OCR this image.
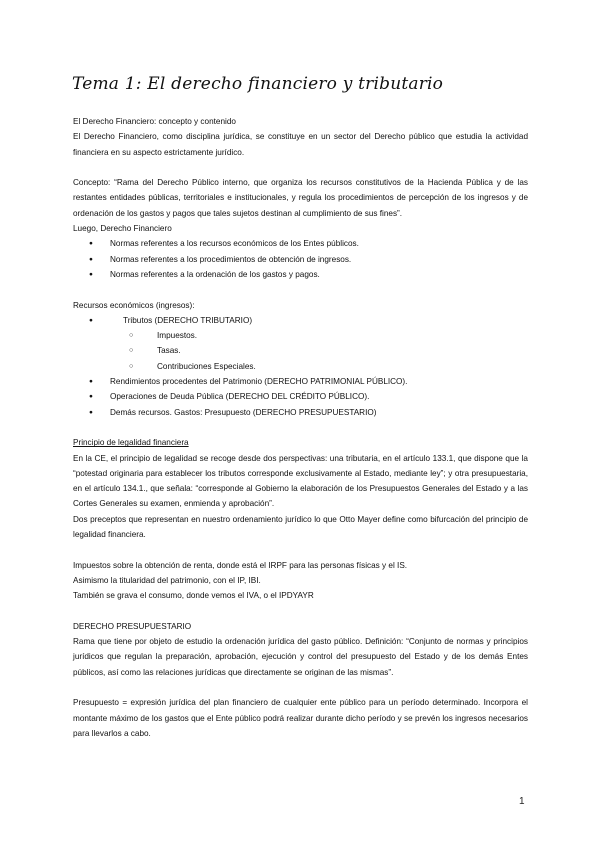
Tema 1: El derecho financiero y tributario

El Derecho Financiero: concepto y contenido

El Derecho Financiero, como disciplina jurídica, se constituye en un sector del Derecho público que estudia la actividad financiera en su aspecto estrictamente jurídico.

Concepto: “Rama del Derecho Público interno, que organiza los recursos constitutivos de la Hacienda Pública y de las restantes entidades públicas, territoriales e institucionales, y regula los procedimientos de percepción de los ingresos y de ordenación de los gastos y pagos que tales sujetos destinan al cumplimiento de sus fines”.

Luego, Derecho Financiero

● Normas referentes a los recursos económicos de los Entes públicos.
● Normas referentes a los procedimientos de obtención de ingresos.
● Normas referentes a la ordenación de los gastos y pagos.

Recursos económicos (ingresos):

● Tributos (DERECHO TRIBUTARIO)
○ Impuestos.
○ Tasas.
○ Contribuciones Especiales.
● Rendimientos procedentes del Patrimonio (DERECHO PATRIMONIAL PÚBLICO).
● Operaciones de Deuda Pública (DERECHO DEL CRÉDITO PÚBLICO).
● Demás recursos. Gastos: Presupuesto (DERECHO PRESUPUESTARIO)

Principio de legalidad financiera

En la CE, el principio de legalidad se recoge desde dos perspectivas: una tributaria, en el artículo 133.1, que dispone que la “potestad originaria para establecer los tributos corresponde exclusivamente al Estado, mediante ley”; y otra presupuestaria, en el artículo 134.1., que señala: “corresponde al Gobierno la elaboración de los Presupuestos Generales del Estado y a las Cortes Generales su examen, enmienda y aprobación”.

Dos preceptos que representan en nuestro ordenamiento jurídico lo que Otto Mayer define como bifurcación del principio de legalidad financiera.

Impuestos sobre la obtención de renta, donde está el IRPF para las personas físicas y el IS.

Asimismo la titularidad del patrimonio, con el IP, IBI.

También se grava el consumo, donde vemos el IVA, o el IPDYAYR

DERECHO PRESUPUESTARIO

Rama que tiene por objeto de estudio la ordenación jurídica del gasto público. Definición: “Conjunto de normas y principios jurídicos que regulan la preparación, aprobación, ejecución y control del presupuesto del Estado y de los demás Entes públicos, así como las relaciones jurídicas que directamente se originan de las mismas”.

Presupuesto = expresión jurídica del plan financiero de cualquier ente público para un período determinado. Incorpora el montante máximo de los gastos que el Ente público podrá realizar durante dicho período y se prevén los ingresos necesarios para llevarlos a cabo.

1
